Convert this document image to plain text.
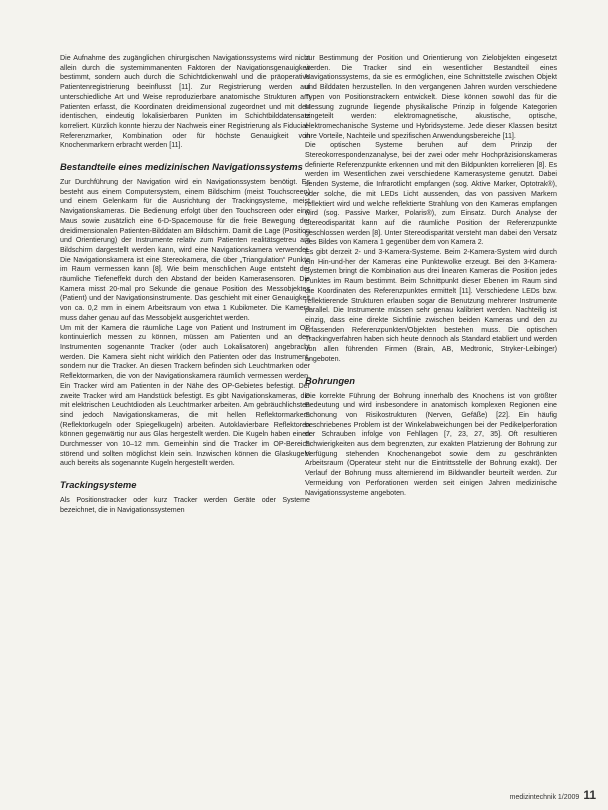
Die Aufnahme des zugänglichen chirurgischen Navigationssystems wird nicht allein durch die systemimmanenten Faktoren der Navigationsgenauigkeit bestimmt, sondern auch durch die Schichtdickenwahl und die präoperative Patientenregistrierung beeinflusst [11]. Zur Registrierung werden auf unterschiedliche Art und Weise reproduzierbare anatomische Strukturen am Patienten erfasst, die Koordinaten dreidimensional zugeordnet und mit den identischen, eindeutig lokalisierbaren Punkten im Schichtbilddatensatz korreliert. Kürzlich konnte hierzu der Nachweis einer Registrierung als Fiducial-Referenzmarker, Kombination oder für höchste Genauigkeit von Knochenmarkern erbracht werden [11].

Bestandteile eines medizinischen Navigationssystems

Zur Durchführung der Navigation wird ein Navigationssystem benötigt. Es besteht aus einem Computersystem, einem Bildschirm (meist Touchscreen) und einem Gelenkarm für die Ausrichtung der Trackingsysteme, meist Navigationskameras. Die Bedienung erfolgt über den Touchscreen oder eine Maus sowie zusätzlich eine 6-D-Spacemouse für die freie Bewegung der dreidimensionalen Patienten-Bilddaten am Bildschirm. Damit die Lage (Position und Orientierung) der Instrumente relativ zum Patienten realitätsgetreu am Bildschirm dargestellt werden kann, wird eine Navigationskamera verwendet. Die Navigationskamera ist eine Stereokamera, die über „Triangulation“ Punkte im Raum vermessen kann [8]. Wie beim menschlichen Auge entsteht der räumliche Tiefeneffekt durch den Abstand der beiden Kamerasensoren. Die Kamera misst 20-mal pro Sekunde die genaue Position des Messobjektes (Patient) und der Navigationsinstrumente. Das geschieht mit einer Genauigkeit von ca. 0,2 mm in einem Arbeitsraum von etwa 1 Kubikmeter. Die Kamera muss daher genau auf das Messobjekt ausgerichtet werden.

Um mit der Kamera die räumliche Lage von Patient und Instrument im OP kontinuierlich messen zu können, müssen am Patienten und an den Instrumenten sogenannte Tracker (oder auch Lokalisatoren) angebracht werden. Die Kamera sieht nicht wirklich den Patienten oder das Instrument, sondern nur die Tracker. An diesen Trackern befinden sich Leuchtmarken oder Reflektormarken, die von der Navigationskamera räumlich vermessen werden. Ein Tracker wird am Patienten in der Nähe des OP-Gebietes befestigt. Der zweite Tracker wird am Handstück befestigt. Es gibt Navigationskameras, die mit elektrischen Leuchtdioden als Leuchtmarker arbeiten. Am gebräuchlichsten sind jedoch Navigationskameras, die mit hellen Reflektormarkern (Reflektorkugeln oder Spiegelkugeln) arbeiten. Autoklavierbare Reflektoren können gegenwärtig nur aus Glas hergestellt werden. Die Kugeln haben einen Durchmesser von 10–12 mm. Gemeinhin sind die Tracker im OP-Bereich störend und sollten möglichst klein sein. Inzwischen können die Glaskugeln auch bereits als sogenannte Kugeln hergestellt werden.

Trackingsysteme

Als Positionstracker oder kurz Tracker werden Geräte oder Systeme bezeichnet, die in Navigationssystemen

zur Bestimmung der Position und Orientierung von Zielobjekten eingesetzt werden. Die Tracker sind ein wesentlicher Bestandteil eines Navigationssystems, da sie es ermöglichen, eine Schnittstelle zwischen Objekt und Bilddaten herzustellen. In den vergangenen Jahren wurden verschiedene Typen von Positionstrackern entwickelt. Diese können sowohl das für die Messung zugrunde liegende physikalische Prinzip in folgende Kategorien eingeteilt werden: elektromagnetische, akustische, optische, elektromechanische Systeme und Hybridsysteme. Jede dieser Klassen besitzt ihre Vorteile, Nachteile und spezifischen Anwendungsbereiche [11].

Die optischen Systeme beruhen auf dem Prinzip der Stereokorrespondenzanalyse, bei der zwei oder mehr Hochpräzisionskameras definierte Referenzpunkte erkennen und mit den Bildpunkten korrelieren [8]. Es werden im Wesentlichen zwei verschiedene Kamerasysteme genutzt. Dabei senden Systeme, die Infrarotlicht empfangen (sog. Aktive Marker, Optotrak®), oder solche, die mit LEDs Licht aussenden, das von passiven Markern reflektiert wird und welche reflektierte Strahlung von den Kameras empfangen wird (sog. Passive Marker, Polaris®), zum Einsatz. Durch Analyse der Stereodisparität kann auf die räumliche Position der Referenzpunkte geschlossen werden [8]. Unter Stereodisparität versteht man dabei den Versatz des Bildes von Kamera 1 gegenüber dem von Kamera 2.

Es gibt derzeit 2- und 3-Kamera-Systeme. Beim 2-Kamera-System wird durch ein Hin-und-her der Kameras eine Punktewolke erzeugt. Bei den 3-Kamera-Systemen bringt die Kombination aus drei linearen Kameras die Position jedes Punktes im Raum bestimmt. Beim Schnittpunkt dieser Ebenen im Raum sind die Koordinaten des Referenzpunktes ermittelt [11]. Verschiedene LEDs bzw. reflektierende Strukturen erlauben sogar die Benutzung mehrerer Instrumente parallel. Die Instrumente müssen sehr genau kalibriert werden. Nachteilig ist einzig, dass eine direkte Sichtlinie zwischen beiden Kameras und den zu erfassenden Referenzpunkten/Objekten bestehen muss. Die optischen Trackingverfahren haben sich heute dennoch als Standard etabliert und werden von allen führenden Firmen (Brain, AB, Medtronic, Stryker-Leibinger) angeboten.

Bohrungen

Die korrekte Führung der Bohrung innerhalb des Knochens ist von größter Bedeutung und wird insbesondere in anatomisch komplexen Regionen eine Schonung von Risikostrukturen (Nerven, Gefäße) [22]. Ein häufig beschriebenes Problem ist der Winkelabweichungen bei der Pedikelperforation der Schrauben infolge von Fehllagen [7, 23, 27, 35]. Oft resultieren Schwierigkeiten aus dem begrenzten, zur exakten Platzierung der Bohrung zur Verfügung stehenden Knochenangebot sowie dem zu geschränkten Arbeitsraum (Operateur steht nur die Eintrittsstelle der Bohrung exakt). Der Verlauf der Bohrung muss alternierend im Bildwandler beurteilt werden. Zur Vermeidung von Perforationen werden seit einigen Jahren medizinische Navigationssysteme angeboten.

medizintechnik 1/2009 11
